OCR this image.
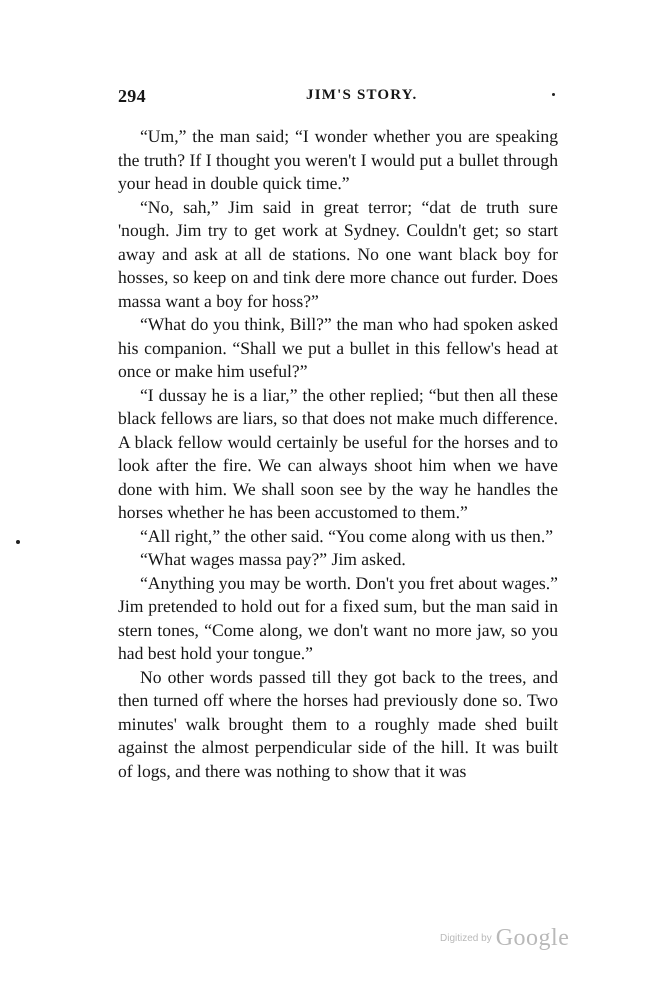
294	JIM'S STORY.

“Um,” the man said; “I wonder whether you are speaking the truth? If I thought you weren't I would put a bullet through your head in double quick time.”

“No, sah,” Jim said in great terror; “dat de truth sure 'nough. Jim try to get work at Sydney. Couldn't get; so start away and ask at all de stations. No one want black boy for hosses, so keep on and tink dere more chance out furder. Does massa want a boy for hoss?”

“What do you think, Bill?” the man who had spoken asked his companion. “Shall we put a bullet in this fellow's head at once or make him useful?”

“I dussay he is a liar,” the other replied; “but then all these black fellows are liars, so that does not make much difference. A black fellow would certainly be useful for the horses and to look after the fire. We can always shoot him when we have done with him. We shall soon see by the way he handles the horses whether he has been accustomed to them.”

“All right,” the other said. “You come along with us then.”

“What wages massa pay?” Jim asked.

“Anything you may be worth. Don't you fret about wages.” Jim pretended to hold out for a fixed sum, but the man said in stern tones, “Come along, we don't want no more jaw, so you had best hold your tongue.”

No other words passed till they got back to the trees, and then turned off where the horses had previously done so. Two minutes' walk brought them to a roughly made shed built against the almost perpendicular side of the hill. It was built of logs, and there was nothing to show that it was

$^{Digitized by}$ Google
